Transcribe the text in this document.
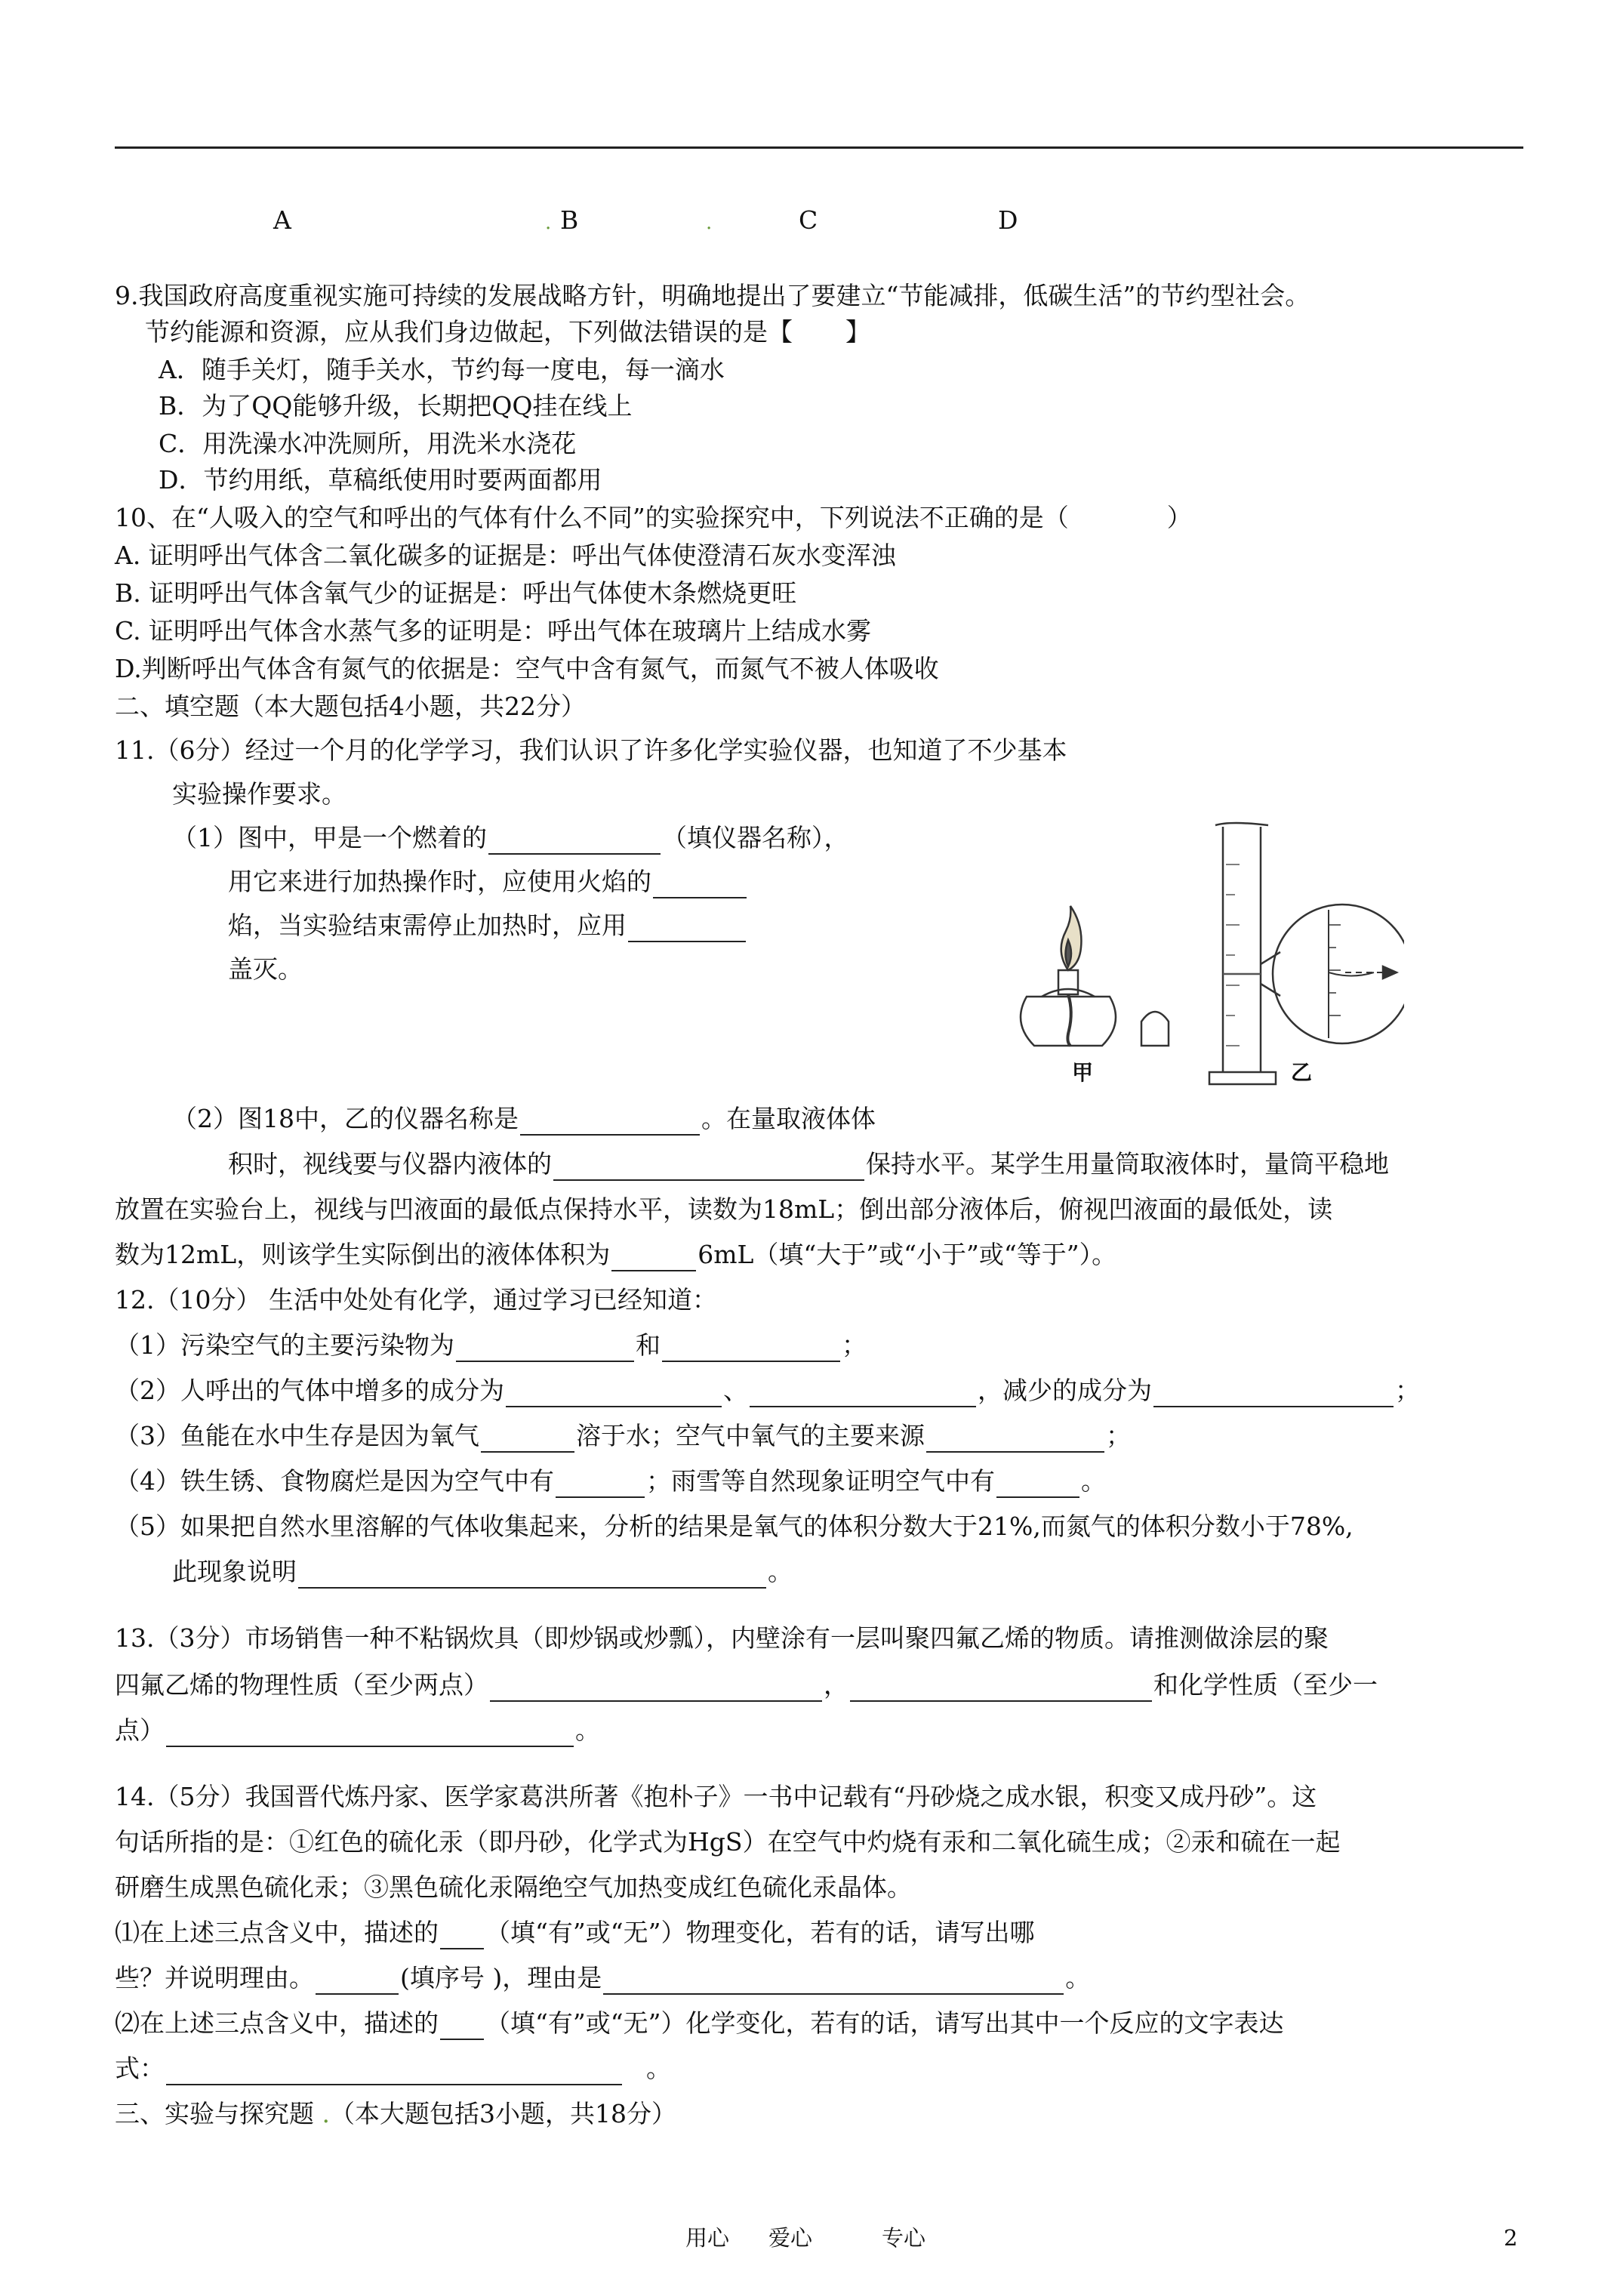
A	. B	.	C	D
9.我国政府高度重视实施可持续的发展战略方针，明确地提出了要建立“节能减排，低碳生活”的节约型社会。
节约能源和资源，应从我们身边做起，下列做法错误的是【 】
A．随手关灯，随手关水，节约每一度电，每一滴水
B．为了QQ能够升级，长期把QQ挂在线上
C．用洗澡水冲洗厕所，用洗米水浇花
D．节约用纸，草稿纸使用时要两面都用
10、在“人吸入的空气和呼出的气体有什么不同”的实验探究中，下列说法不正确的是（	）
A. 证明呼出气体含二氧化碳多的证据是：呼出气体使澄清石灰水变浑浊
B. 证明呼出气体含氧气少的证据是：呼出气体使木条燃烧更旺
C. 证明呼出气体含水蒸气多的证明是：呼出气体在玻璃片上结成水雾
D.判断呼出气体含有氮气的依据是：空气中含有氮气，而氮气不被人体吸收
二、填空题（本大题包括4小题，共22分）
11.（6分）经过一个月的化学学习，我们认识了许多化学实验仪器，也知道了不少基本
实验操作要求。
（1）图中，甲是一个燃着的	（填仪器名称），
用它来进行加热操作时，应使用火焰的
焰，当实验结束需停止加热时，应用
盖灭。
甲	乙
（2）图18中，乙的仪器名称是	。在量取液体体
积时，视线要与仪器内液体的	保持水平。某学生用量筒取液体时，量筒平稳地
放置在实验台上，视线与凹液面的最低点保持水平，读数为18mL；倒出部分液体后，俯视凹液面的最低处，读
数为12mL，则该学生实际倒出的液体体积为	6mL（填“大于”或“小于”或“等于”）。
12.（10分） 生活中处处有化学，通过学习已经知道：
（1）污染空气的主要污染物为	和	；
（2）人呼出的气体中增多的成分为	、	，减少的成分为	；
（3）鱼能在水中生存是因为氧气	溶于水；空气中氧气的主要来源	；
（4）铁生锈、食物腐烂是因为空气中有	；雨雪等自然现象证明空气中有	。
（5）如果把自然水里溶解的气体收集起来，分析的结果是氧气的体积分数大于21%,而氮气的体积分数小于78%,
此现象说明	。
13.（3分）市场销售一种不粘锅炊具（即炒锅或炒瓢），内壁涂有一层叫聚四氟乙烯的物质。请推测做涂层的聚
四氟乙烯的物理性质（至少两点）	，	和化学性质（至少一
点）	。
14.（5分）我国晋代炼丹家、医学家葛洪所著《抱朴子》一书中记载有“丹砂烧之成水银，积变又成丹砂”。这
句话所指的是：①红色的硫化汞（即丹砂，化学式为HgS）在空气中灼烧有汞和二氧化硫生成；②汞和硫在一起
研磨生成黑色硫化汞；③黑色硫化汞隔绝空气加热变成红色硫化汞晶体。
⑴在上述三点含义中，描述的 （填“有”或“无”）物理变化，若有的话，请写出哪
些？并说明理由。	(填序号 )，理由是	。
⑵在上述三点含义中，描述的 （填“有”或“无”）化学变化，若有的话，请写出其中一个反应的文字表达
式：	。
三、实验与探究题 .（本大题包括3小题，共18分）
用心 爱心	专心	2
